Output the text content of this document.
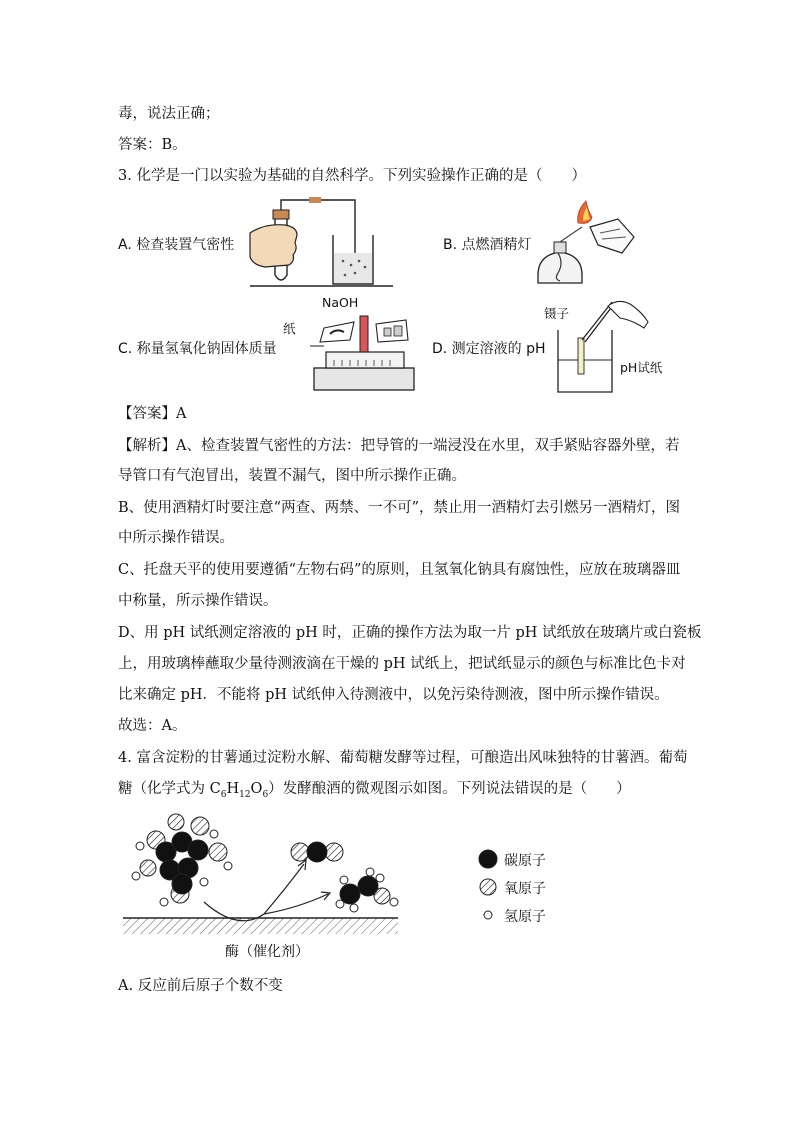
毒，说法正确；
答案：B。
3. 化学是一门以实验为基础的自然科学。下列实验操作正确的是（　　）
A. 检查装置气密性	B. 点燃酒精灯
NaOH
纸
C. 称量氢氧化钠固体质量
镊子
pH试纸
D. 测定溶液的 pH
【答案】A
【解析】A、检查装置气密性的方法：把导管的一端浸没在水里，双手紧贴容器外壁，若
导管口有气泡冒出，装置不漏气，图中所示操作正确。
B、使用酒精灯时要注意“两查、两禁、一不可”，禁止用一酒精灯去引燃另一酒精灯，图
中所示操作错误。
C、托盘天平的使用要遵循“左物右码”的原则，且氢氧化钠具有腐蚀性，应放在玻璃器皿
中称量，所示操作错误。
D、用 pH 试纸测定溶液的 pH 时，正确的操作方法为取一片 pH 试纸放在玻璃片或白瓷板
上，用玻璃棒蘸取少量待测液滴在干燥的 pH 试纸上，把试纸显示的颜色与标准比色卡对
比来确定 pH．不能将 pH 试纸伸入待测液中，以免污染待测液，图中所示操作错误。
故选：A。
4. 富含淀粉的甘薯通过淀粉水解、葡萄糖发酵等过程，可酿造出风味独特的甘薯酒。葡萄
糖（化学式为 $C_6H_{12}O_6$）发酵酿酒的微观图示如图。下列说法错误的是（　　）
酶（催化剂）
碳原子
氧原子
氢原子
A. 反应前后原子个数不变
